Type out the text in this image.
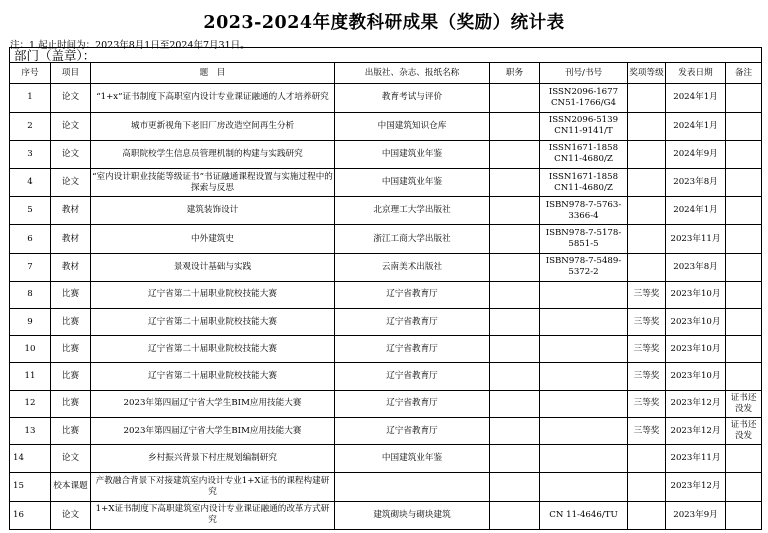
2023-2024年度教科研成果（奖励）统计表
注：1.起止时间为：2023年8月1日至2024年7月31日。
部门（盖章）：								
序号	项目	题　目	出版社、杂志、报纸名称	职务	刊号/书号	奖项等级	发表日期	备注
1	论文	“1+x”证书制度下高职室内设计专业课证融通的人才培养研究	教育考试与评价		ISSN2096-1677 CN51-1766/G4		2024年1月	
2	论文	城市更新视角下老旧厂房改造空间再生分析	中国建筑知识仓库		ISSN2096-5139 CN11-9141/T		2024年1月	
3	论文	高职院校学生信息员管理机制的构建与实践研究	中国建筑业年鉴		ISSN1671-1858 CN11-4680/Z		2024年9月	
4	论文	“室内设计职业技能等级证书”书证融通课程设置与实施过程中的探索与反思	中国建筑业年鉴		ISSN1671-1858 CN11-4680/Z		2023年8月	
5	教材	建筑装饰设计	北京理工大学出版社		ISBN978-7-5763-3366-4		2024年1月	
6	教材	中外建筑史	浙江工商大学出版社		ISBN978-7-5178-5851-5		2023年11月	
7	教材	景观设计基础与实践	云南美术出版社		ISBN978-7-5489-5372-2		2023年8月	
8	比赛	辽宁省第二十届职业院校技能大赛	辽宁省教育厅			三等奖	2023年10月	
9	比赛	辽宁省第二十届职业院校技能大赛	辽宁省教育厅			三等奖	2023年10月	
10	比赛	辽宁省第二十届职业院校技能大赛	辽宁省教育厅			三等奖	2023年10月	
11	比赛	辽宁省第二十届职业院校技能大赛	辽宁省教育厅			三等奖	2023年10月	
12	比赛	2023年第四届辽宁省大学生BIM应用技能大赛	辽宁省教育厅			三等奖	2023年12月	证书还没发
13	比赛	2023年第四届辽宁省大学生BIM应用技能大赛	辽宁省教育厅			三等奖	2023年12月	证书还没发
14	论文	乡村振兴背景下村庄规划编制研究	中国建筑业年鉴				2023年11月	
15	校本课题	产教融合背景下对接建筑室内设计专业1+X证书的课程构建研究					2023年12月	
16	论文	1+X证书制度下高职建筑室内设计专业课证融通的改革方式研究	建筑砌块与砌块建筑		CN 11-4646/TU		2023年9月	
